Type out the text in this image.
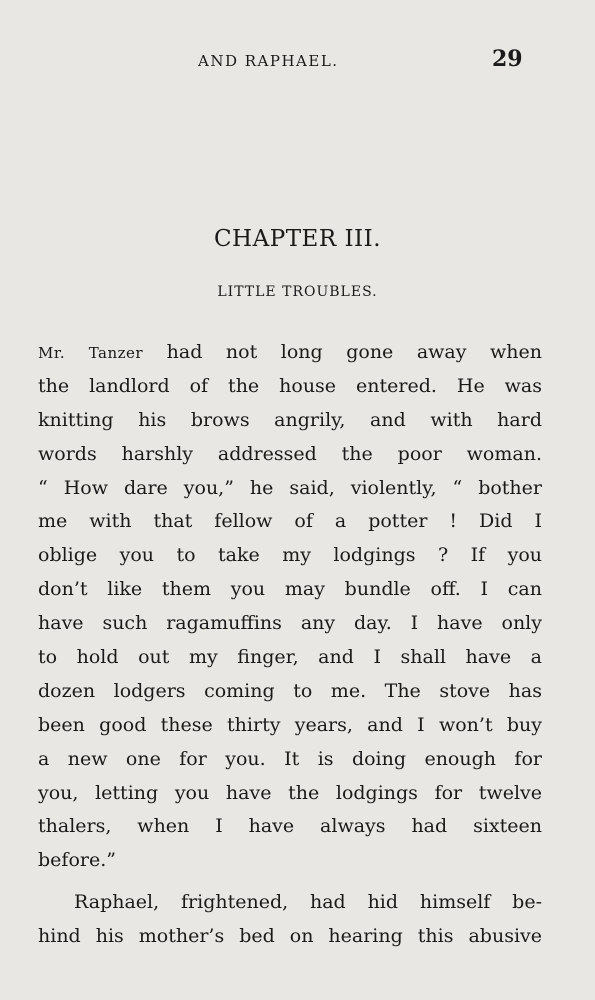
AND RAPHAEL.	29
CHAPTER III.
LITTLE TROUBLES.
Mr. Tanzer had not long gone away when
the landlord of the house entered. He was
knitting his brows angrily, and with hard
words harshly addressed the poor woman.
“ How dare you,” he said, violently, “ bother
me with that fellow of a potter ! Did I
oblige you to take my lodgings ? If you
don’t like them you may bundle off. I can
have such ragamuffins any day. I have only
to hold out my finger, and I shall have a
dozen lodgers coming to me. The stove has
been good these thirty years, and I won’t buy
a new one for you. It is doing enough for
you, letting you have the lodgings for twelve
thalers, when I have always had sixteen
before.”
Raphael, frightened, had hid himself be-
hind his mother’s bed on hearing this abusive
